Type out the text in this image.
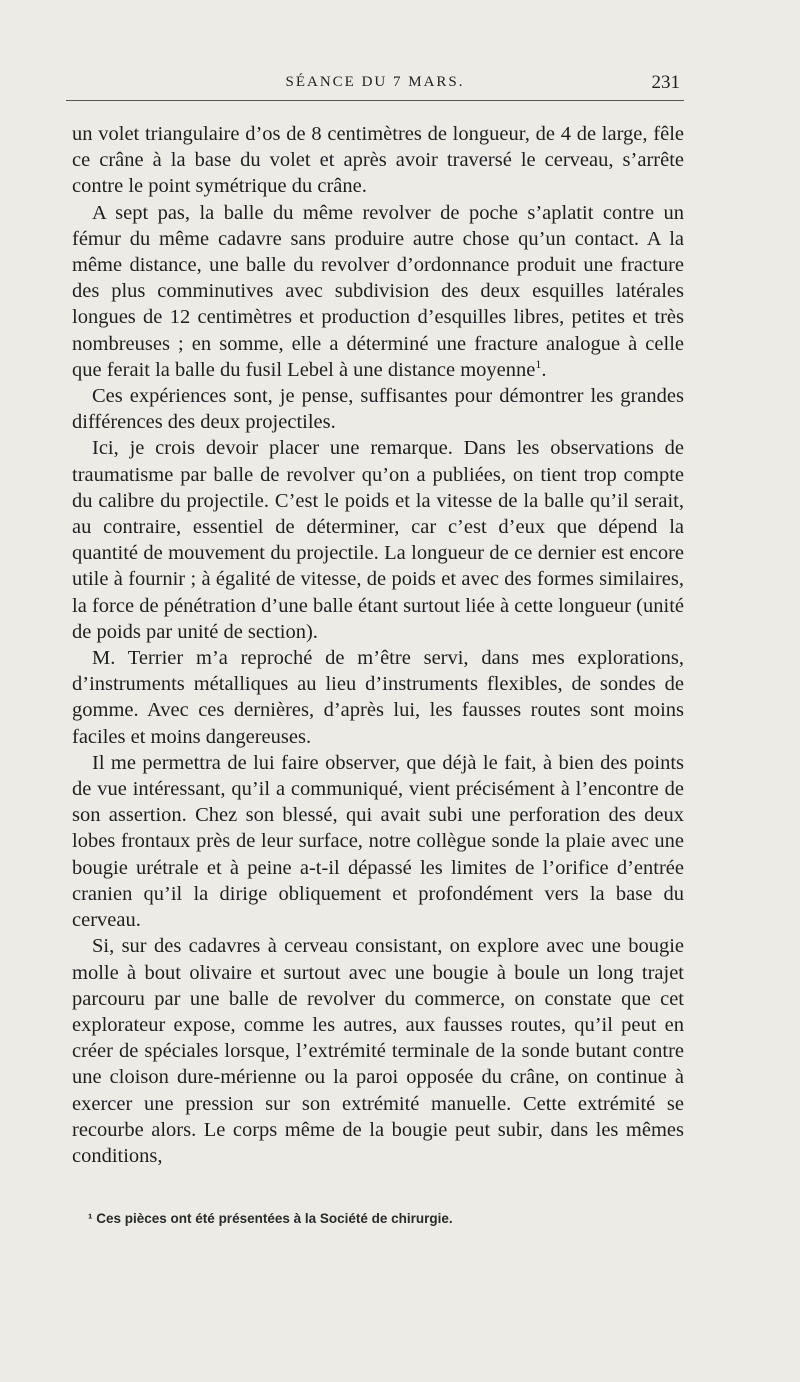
SÉANCE DU 7 MARS.	231

un volet triangulaire d’os de 8 centimètres de longueur, de 4 de large, fêle ce crâne à la base du volet et après avoir traversé le cerveau, s’arrête contre le point symétrique du crâne.

A sept pas, la balle du même revolver de poche s’aplatit contre un fémur du même cadavre sans produire autre chose qu’un contact. A la même distance, une balle du revolver d’ordonnance produit une fracture des plus comminutives avec subdivision des deux esquilles latérales longues de 12 centimètres et production d’esquilles libres, petites et très nombreuses ; en somme, elle a déterminé une fracture analogue à celle que ferait la balle du fusil Lebel à une distance moyenne$^1$.

Ces expériences sont, je pense, suffisantes pour démontrer les grandes différences des deux projectiles.

Ici, je crois devoir placer une remarque. Dans les observations de traumatisme par balle de revolver qu’on a publiées, on tient trop compte du calibre du projectile. C’est le poids et la vitesse de la balle qu’il serait, au contraire, essentiel de déterminer, car c’est d’eux que dépend la quantité de mouvement du projectile. La longueur de ce dernier est encore utile à fournir ; à égalité de vitesse, de poids et avec des formes similaires, la force de pénétration d’une balle étant surtout liée à cette longueur (unité de poids par unité de section).

M. Terrier m’a reproché de m’être servi, dans mes explorations, d’instruments métalliques au lieu d’instruments flexibles, de sondes de gomme. Avec ces dernières, d’après lui, les fausses routes sont moins faciles et moins dangereuses.

Il me permettra de lui faire observer, que déjà le fait, à bien des points de vue intéressant, qu’il a communiqué, vient précisément à l’encontre de son assertion. Chez son blessé, qui avait subi une perforation des deux lobes frontaux près de leur surface, notre collègue sonde la plaie avec une bougie urétrale et à peine a-t-il dépassé les limites de l’orifice d’entrée cranien qu’il la dirige obliquement et profondément vers la base du cerveau.

Si, sur des cadavres à cerveau consistant, on explore avec une bougie molle à bout olivaire et surtout avec une bougie à boule un long trajet parcouru par une balle de revolver du commerce, on constate que cet explorateur expose, comme les autres, aux fausses routes, qu’il peut en créer de spéciales lorsque, l’extrémité terminale de la sonde butant contre une cloison dure-mérienne ou la paroi opposée du crâne, on continue à exercer une pression sur son extrémité manuelle. Cette extrémité se recourbe alors. Le corps même de la bougie peut subir, dans les mêmes conditions,

¹ Ces pièces ont été présentées à la Société de chirurgie.
